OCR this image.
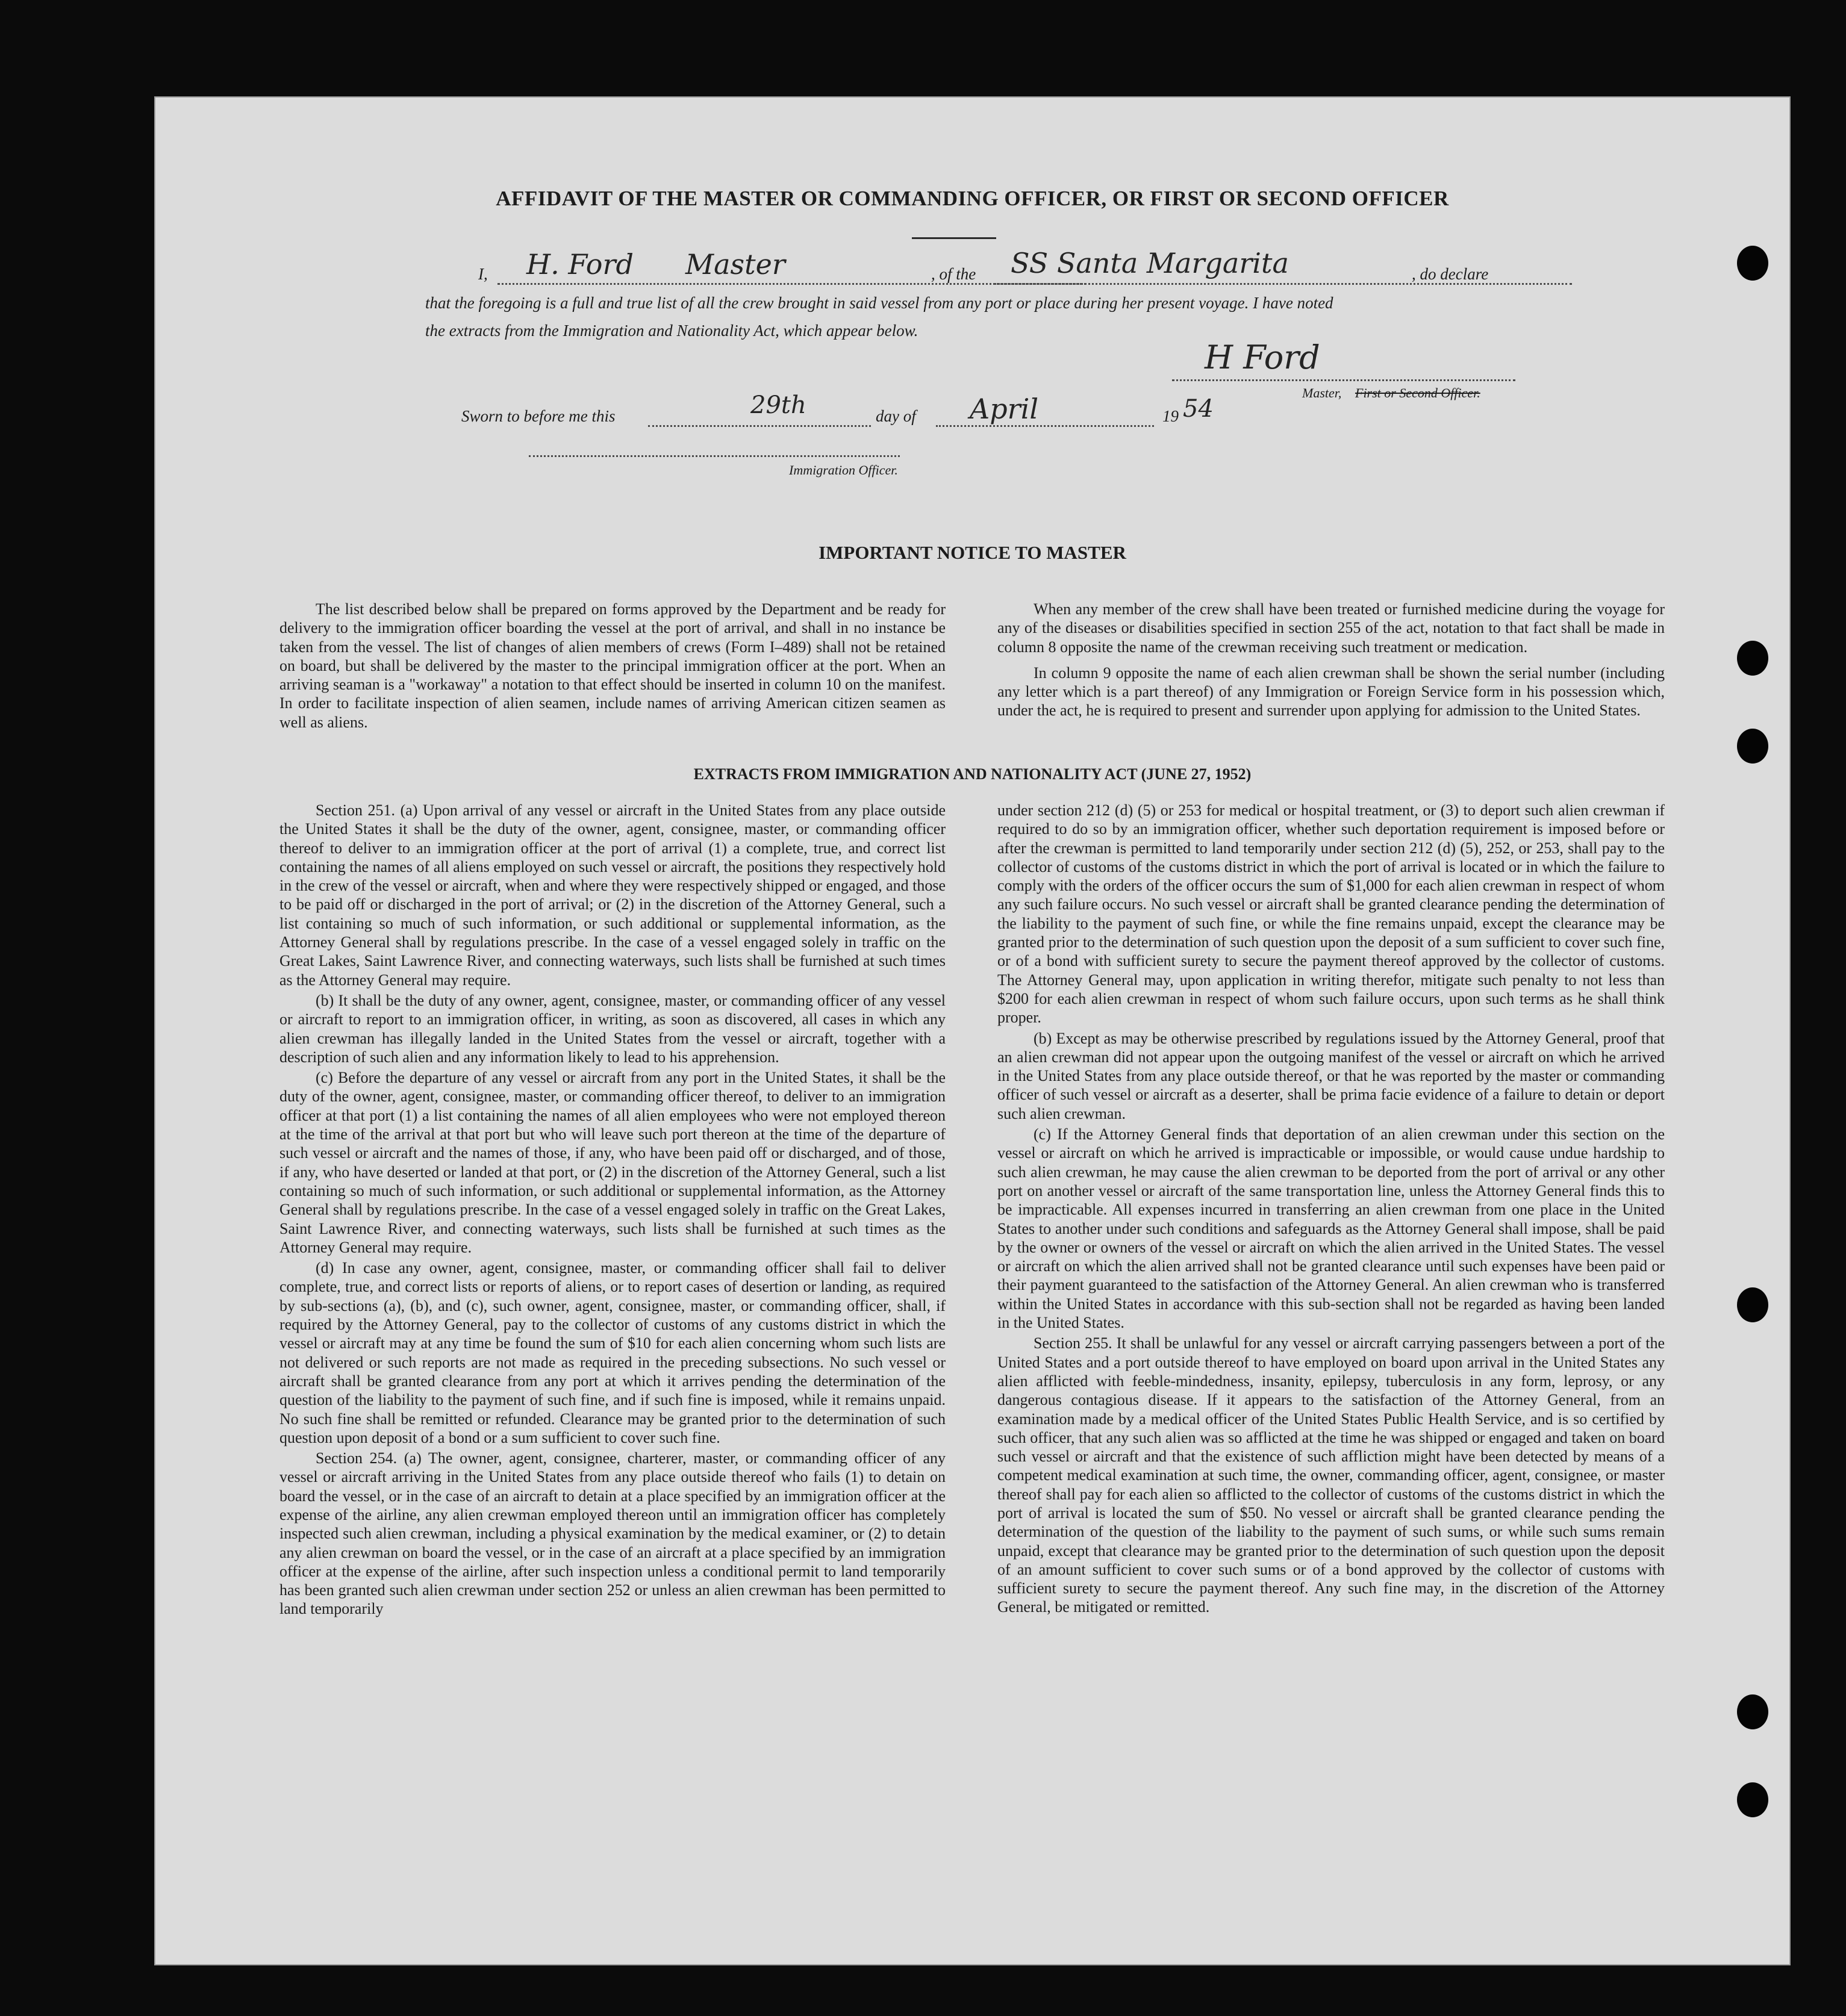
AFFIDAVIT OF THE MASTER OR COMMANDING OFFICER, OR FIRST OR SECOND OFFICER
I, H. Ford Master	, of the SS Santa Margarita	, do declare
that the foregoing is a full and true list of all the crew brought in said vessel from any port or place during her present voyage. I have noted
the extracts from the Immigration and Nationality Act, which appear below.
H Ford
Master, First or Second Officer.
Sworn to before me this	29th	day of April	19 54
Immigration Officer.
IMPORTANT NOTICE TO MASTER

The list described below shall be prepared on forms approved by the Department and be ready for delivery to the immigration officer boarding the vessel at the port of arrival, and shall in no instance be taken from the vessel. The list of changes of alien members of crews (Form I–489) shall not be retained on board, but shall be delivered by the master to the principal immigration officer at the port. When an arriving seaman is a "workaway" a notation to that effect should be inserted in column 10 on the manifest. In order to facilitate inspection of alien seamen, include names of arriving American citizen seamen as well as aliens.

When any member of the crew shall have been treated or furnished medicine during the voyage for any of the diseases or disabilities specified in section 255 of the act, notation to that fact shall be made in column 8 opposite the name of the crewman receiving such treatment or medication.

In column 9 opposite the name of each alien crewman shall be shown the serial number (including any letter which is a part thereof) of any Immigration or Foreign Service form in his possession which, under the act, he is required to present and surrender upon applying for admission to the United States.

EXTRACTS FROM IMMIGRATION AND NATIONALITY ACT (JUNE 27, 1952)

Section 251. (a) Upon arrival of any vessel or aircraft in the United States from any place outside the United States it shall be the duty of the owner, agent, consignee, master, or commanding officer thereof to deliver to an immigration officer at the port of arrival (1) a complete, true, and correct list containing the names of all aliens employed on such vessel or aircraft, the positions they respectively hold in the crew of the vessel or aircraft, when and where they were respectively shipped or engaged, and those to be paid off or discharged in the port of arrival; or (2) in the discretion of the Attorney General, such a list containing so much of such information, or such additional or supplemental information, as the Attorney General shall by regulations prescribe. In the case of a vessel engaged solely in traffic on the Great Lakes, Saint Lawrence River, and connecting waterways, such lists shall be furnished at such times as the Attorney General may require.

(b) It shall be the duty of any owner, agent, consignee, master, or commanding officer of any vessel or aircraft to report to an immigration officer, in writing, as soon as discovered, all cases in which any alien crewman has illegally landed in the United States from the vessel or aircraft, together with a description of such alien and any information likely to lead to his apprehension.

(c) Before the departure of any vessel or aircraft from any port in the United States, it shall be the duty of the owner, agent, consignee, master, or commanding officer thereof, to deliver to an immigration officer at that port (1) a list containing the names of all alien employees who were not employed thereon at the time of the arrival at that port but who will leave such port thereon at the time of the departure of such vessel or aircraft and the names of those, if any, who have been paid off or discharged, and of those, if any, who have deserted or landed at that port, or (2) in the discretion of the Attorney General, such a list containing so much of such information, or such additional or supplemental information, as the Attorney General shall by regulations prescribe. In the case of a vessel engaged solely in traffic on the Great Lakes, Saint Lawrence River, and connecting waterways, such lists shall be furnished at such times as the Attorney General may require.

(d) In case any owner, agent, consignee, master, or commanding officer shall fail to deliver complete, true, and correct lists or reports of aliens, or to report cases of desertion or landing, as required by sub-sections (a), (b), and (c), such owner, agent, consignee, master, or commanding officer, shall, if required by the Attorney General, pay to the collector of customs of any customs district in which the vessel or aircraft may at any time be found the sum of $10 for each alien concerning whom such lists are not delivered or such reports are not made as required in the preceding subsections. No such vessel or aircraft shall be granted clearance from any port at which it arrives pending the determination of the question of the liability to the payment of such fine, and if such fine is imposed, while it remains unpaid. No such fine shall be remitted or refunded. Clearance may be granted prior to the determination of such question upon deposit of a bond or a sum sufficient to cover such fine.

Section 254. (a) The owner, agent, consignee, charterer, master, or commanding officer of any vessel or aircraft arriving in the United States from any place outside thereof who fails (1) to detain on board the vessel, or in the case of an aircraft to detain at a place specified by an immigration officer at the expense of the airline, any alien crewman employed thereon until an immigration officer has completely inspected such alien crewman, including a physical examination by the medical examiner, or (2) to detain any alien crewman on board the vessel, or in the case of an aircraft at a place specified by an immigration officer at the expense of the airline, after such inspection unless a conditional permit to land temporarily has been granted such alien crewman under section 252 or unless an alien crewman has been permitted to land temporarily

under section 212 (d) (5) or 253 for medical or hospital treatment, or (3) to deport such alien crewman if required to do so by an immigration officer, whether such deportation requirement is imposed before or after the crewman is permitted to land temporarily under section 212 (d) (5), 252, or 253, shall pay to the collector of customs of the customs district in which the port of arrival is located or in which the failure to comply with the orders of the officer occurs the sum of $1,000 for each alien crewman in respect of whom any such failure occurs. No such vessel or aircraft shall be granted clearance pending the determination of the liability to the payment of such fine, or while the fine remains unpaid, except the clearance may be granted prior to the determination of such question upon the deposit of a sum sufficient to cover such fine, or of a bond with sufficient surety to secure the payment thereof approved by the collector of customs. The Attorney General may, upon application in writing therefor, mitigate such penalty to not less than $200 for each alien crewman in respect of whom such failure occurs, upon such terms as he shall think proper.

(b) Except as may be otherwise prescribed by regulations issued by the Attorney General, proof that an alien crewman did not appear upon the outgoing manifest of the vessel or aircraft on which he arrived in the United States from any place outside thereof, or that he was reported by the master or commanding officer of such vessel or aircraft as a deserter, shall be prima facie evidence of a failure to detain or deport such alien crewman.

(c) If the Attorney General finds that deportation of an alien crewman under this section on the vessel or aircraft on which he arrived is impracticable or impossible, or would cause undue hardship to such alien crewman, he may cause the alien crewman to be deported from the port of arrival or any other port on another vessel or aircraft of the same transportation line, unless the Attorney General finds this to be impracticable. All expenses incurred in transferring an alien crewman from one place in the United States to another under such conditions and safeguards as the Attorney General shall impose, shall be paid by the owner or owners of the vessel or aircraft on which the alien arrived in the United States. The vessel or aircraft on which the alien arrived shall not be granted clearance until such expenses have been paid or their payment guaranteed to the satisfaction of the Attorney General. An alien crewman who is transferred within the United States in accordance with this sub-section shall not be regarded as having been landed in the United States.

Section 255. It shall be unlawful for any vessel or aircraft carrying passengers between a port of the United States and a port outside thereof to have employed on board upon arrival in the United States any alien afflicted with feeble-mindedness, insanity, epilepsy, tuberculosis in any form, leprosy, or any dangerous contagious disease. If it appears to the satisfaction of the Attorney General, from an examination made by a medical officer of the United States Public Health Service, and is so certified by such officer, that any such alien was so afflicted at the time he was shipped or engaged and taken on board such vessel or aircraft and that the existence of such affliction might have been detected by means of a competent medical examination at such time, the owner, commanding officer, agent, consignee, or master thereof shall pay for each alien so afflicted to the collector of customs of the customs district in which the port of arrival is located the sum of $50. No vessel or aircraft shall be granted clearance pending the determination of the question of the liability to the payment of such sums, or while such sums remain unpaid, except that clearance may be granted prior to the determination of such question upon the deposit of an amount sufficient to cover such sums or of a bond approved by the collector of customs with sufficient surety to secure the payment thereof. Any such fine may, in the discretion of the Attorney General, be mitigated or remitted.
